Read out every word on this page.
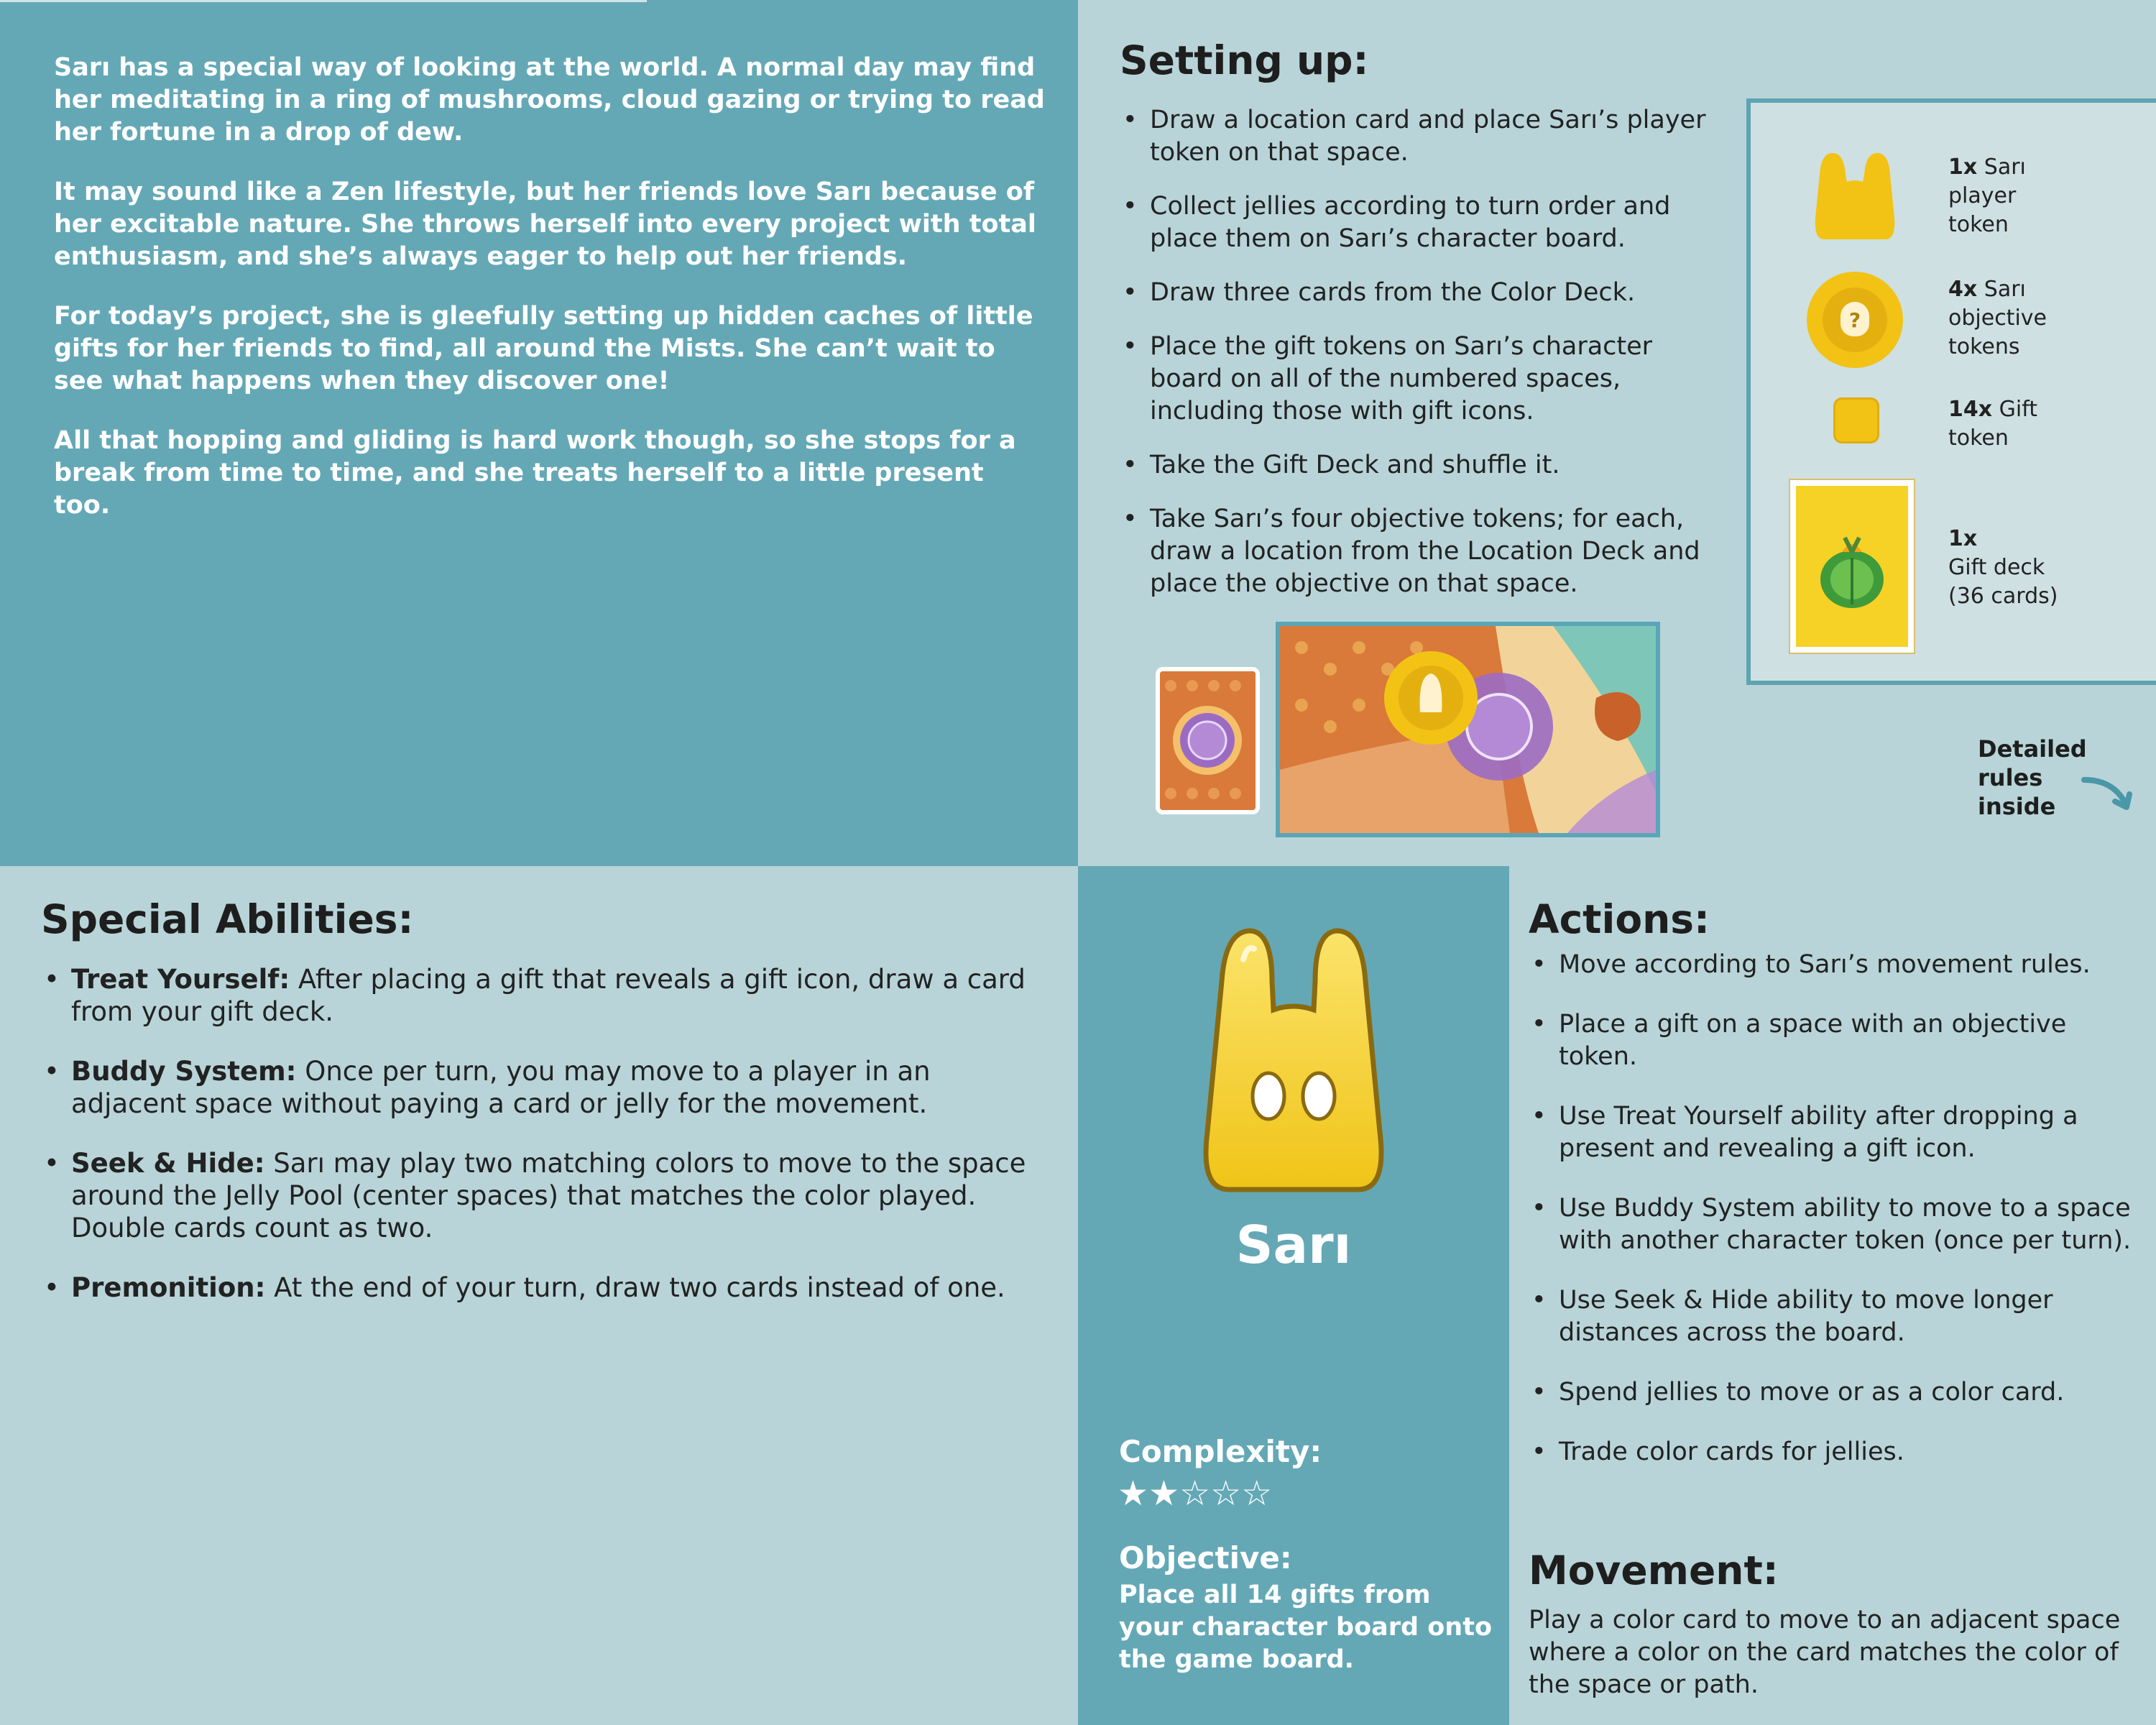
Sarı has a special way of looking at the world. A normal day may find her meditating in a ring of mushrooms, cloud gazing or trying to read her fortune in a drop of dew.

It may sound like a Zen lifestyle, but her friends love Sarı because of her excitable nature. She throws herself into every project with total enthusiasm, and she’s always eager to help out her friends.

For today’s project, she is gleefully setting up hidden caches of little gifts for her friends to find, all around the Mists. She can’t wait to see what happens when they discover one!

All that hopping and gliding is hard work though, so she stops for a break from time to time, and she treats herself to a little present too.

Setting up:
• Draw a location card and place Sarı’s player token on that space.
• Collect jellies according to turn order and place them on Sarı’s character board.
• Draw three cards from the Color Deck.
• Place the gift tokens on Sarı’s character board on all of the numbered spaces, including those with gift icons.
• Take the Gift Deck and shuffle it.
• Take Sarı’s four objective tokens; for each, draw a location from the Location Deck and place the objective on that space.
1x Sarı
player
token
?
4x Sarı
objective
tokens
14x Gift
token
1x
Gift deck
(36 cards)
Detailed
rules
inside
Special Abilities:
• Treat Yourself: After placing a gift that reveals a gift icon, draw a card from your gift deck.
• Buddy System: Once per turn, you may move to a player in an adjacent space without paying a card or jelly for the movement.
• Seek & Hide: Sarı may play two matching colors to move to the space around the Jelly Pool (center spaces) that matches the color played. Double cards count as two.
• Premonition: At the end of your turn, draw two cards instead of one.
Sarı
Complexity:
★★☆☆☆
Objective:
Place all 14 gifts from your character board onto the game board.
Actions:
• Move according to Sarı’s movement rules.
• Place a gift on a space with an objective token.
• Use Treat Yourself ability after dropping a present and revealing a gift icon.
• Use Buddy System ability to move to a space with another character token (once per turn).
• Use Seek & Hide ability to move longer distances across the board.
• Spend jellies to move or as a color card.
• Trade color cards for jellies.
Movement:
Play a color card to move to an adjacent space where a color on the card matches the color of the space or path.
